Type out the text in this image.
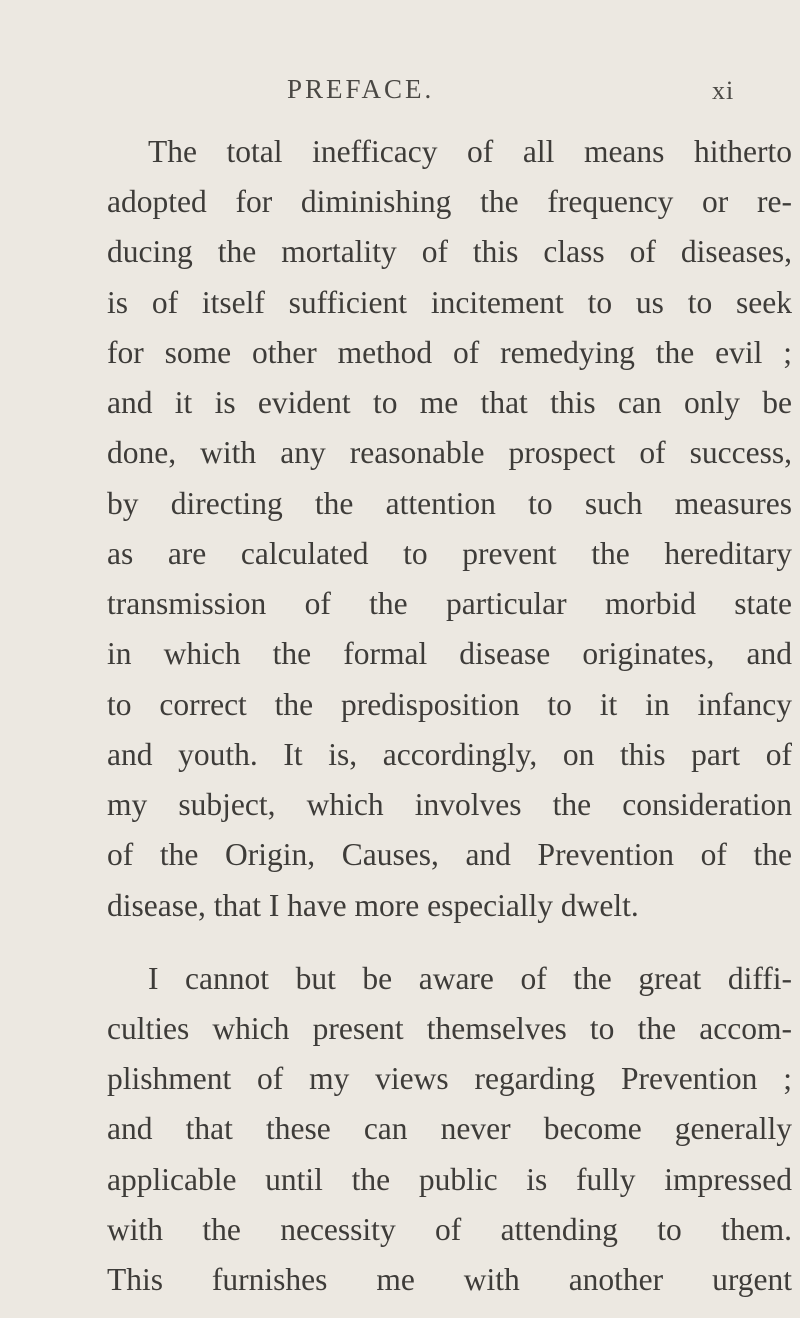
PREFACE.	xi

The total inefficacy of all means hitherto

adopted for diminishing the frequency or re-

ducing the mortality of this class of diseases,

is of itself sufficient incitement to us to seek

for some other method of remedying the evil ;

and it is evident to me that this can only be

done, with any reasonable prospect of success,

by directing the attention to such measures

as are calculated to prevent the hereditary

transmission of the particular morbid state

in which the formal disease originates, and

to correct the predisposition to it in infancy

and youth. It is, accordingly, on this part of

my subject, which involves the consideration

of the Origin, Causes, and Prevention of the

disease, that I have more especially dwelt.

I cannot but be aware of the great diffi-

culties which present themselves to the accom-

plishment of my views regarding Prevention ;

and that these can never become generally

applicable until the public is fully impressed

with the necessity of attending to them.

This furnishes me with another urgent
